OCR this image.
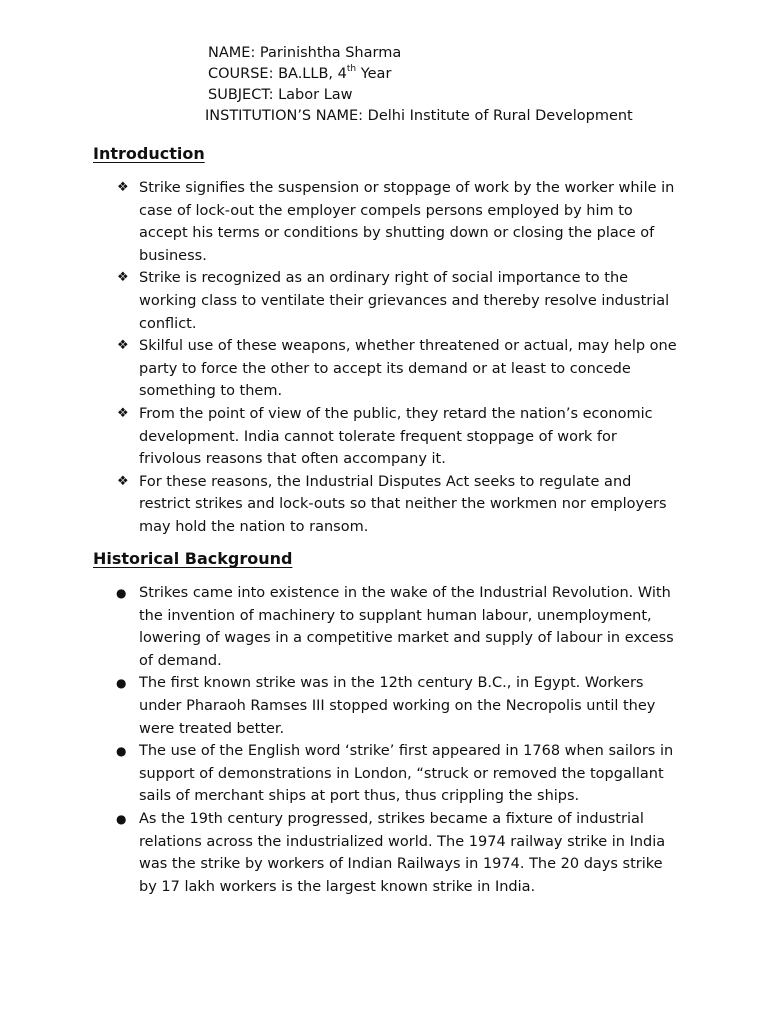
NAME: Parinishtha Sharma
COURSE: BA.LLB, 4th Year
SUBJECT: Labor Law
INSTITUTION’S NAME: Delhi Institute of Rural Development
Introduction
❖ Strike signifies the suspension or stoppage of work by the worker while in case of lock-out the employer compels persons employed by him to accept his terms or conditions by shutting down or closing the place of business.
❖ Strike is recognized as an ordinary right of social importance to the working class to ventilate their grievances and thereby resolve industrial conflict.
❖ Skilful use of these weapons, whether threatened or actual, may help one party to force the other to accept its demand or at least to concede something to them.
❖ From the point of view of the public, they retard the nation’s economic development. India cannot tolerate frequent stoppage of work for frivolous reasons that often accompany it.
❖ For these reasons, the Industrial Disputes Act seeks to regulate and restrict strikes and lock-outs so that neither the workmen nor employers may hold the nation to ransom.
Historical Background
● Strikes came into existence in the wake of the Industrial Revolution. With the invention of machinery to supplant human labour, unemployment, lowering of wages in a competitive market and supply of labour in excess of demand.
● The first known strike was in the 12th century B.C., in Egypt. Workers under Pharaoh Ramses III stopped working on the Necropolis until they were treated better.
● The use of the English word ‘strike’ first appeared in 1768 when sailors in support of demonstrations in London, “struck or removed the topgallant sails of merchant ships at port thus, thus crippling the ships.
● As the 19th century progressed, strikes became a fixture of industrial relations across the industrialized world. The 1974 railway strike in India was the strike by workers of Indian Railways in 1974. The 20 days strike by 17 lakh workers is the largest known strike in India.
